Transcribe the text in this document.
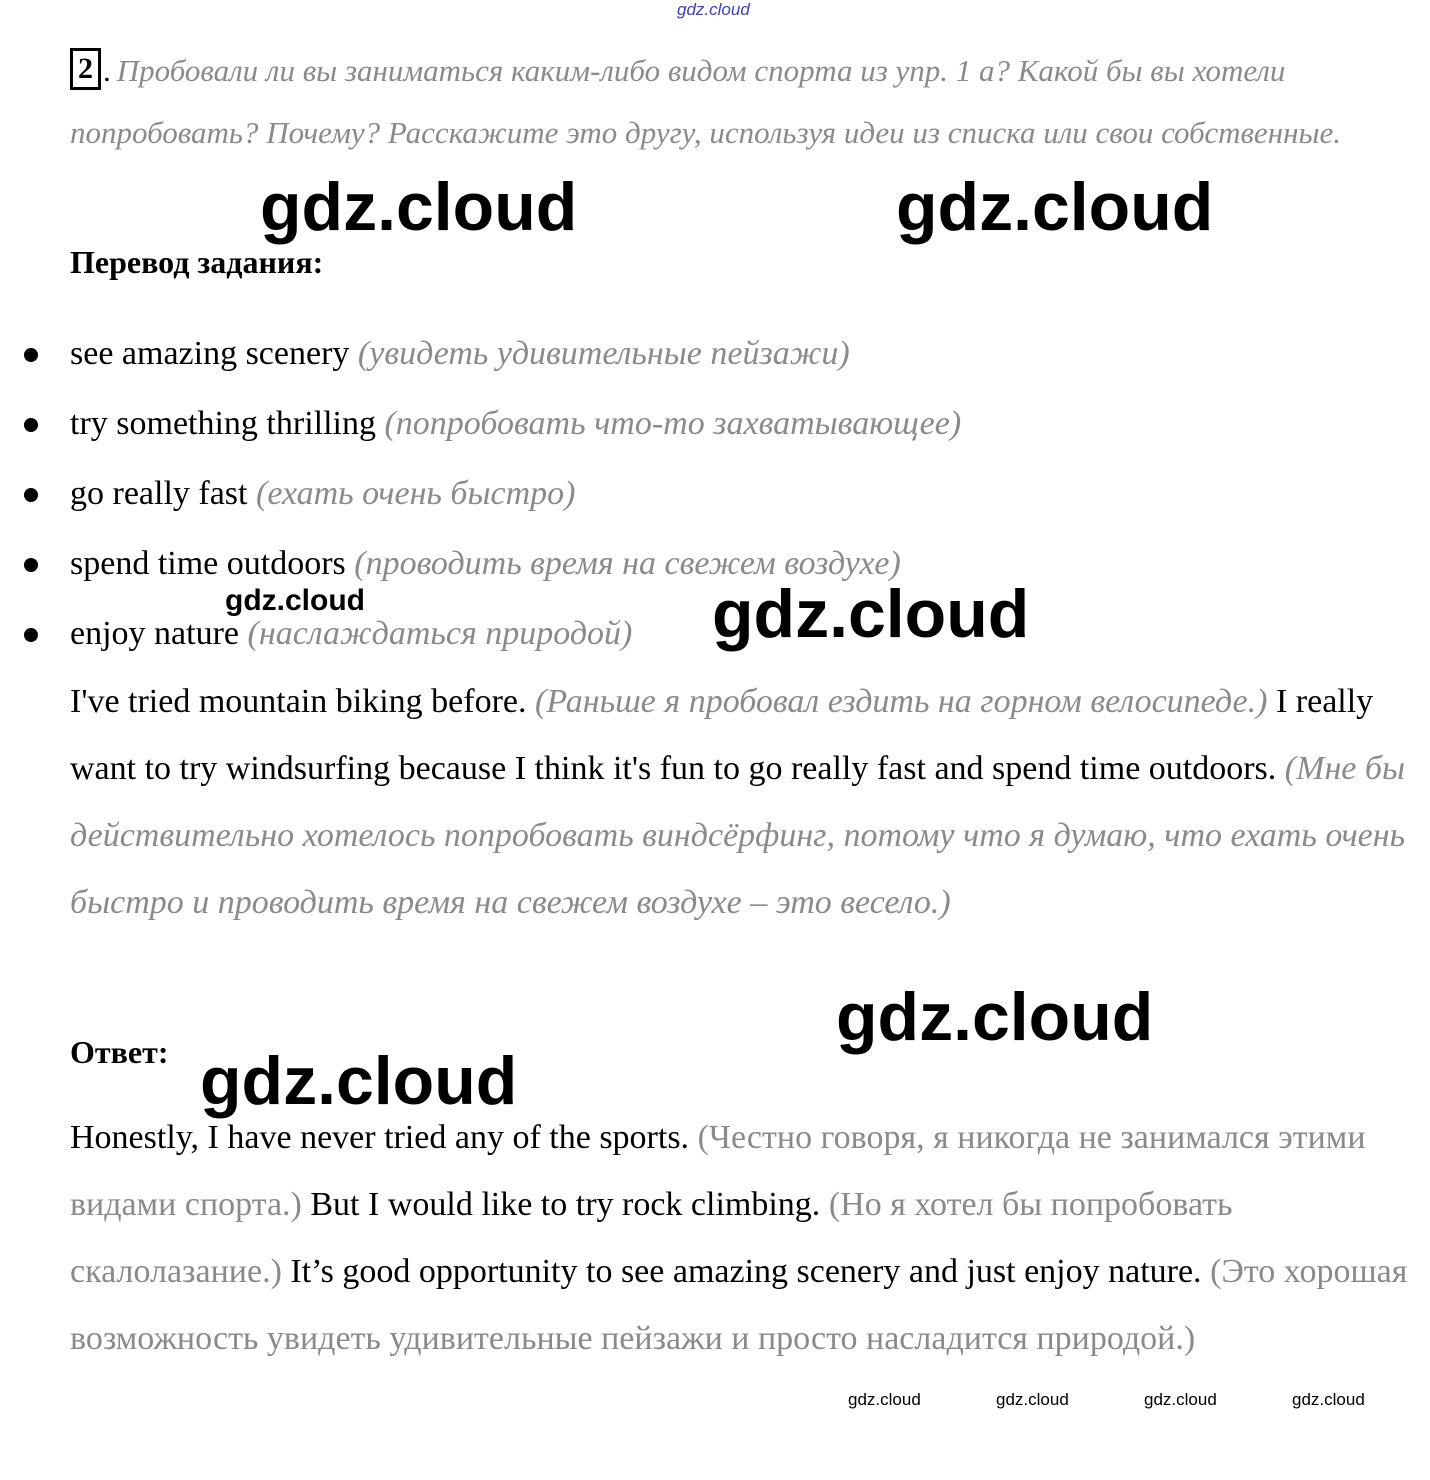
gdz.cloud
2 . Пробовали ли вы заниматься каким-либо видом спорта из упр. 1 а? Какой бы вы хотели попробовать? Почему? Расскажите это другу, используя идеи из списка или свои собственные.
Перевод задания:
see amazing scenery (увидеть удивительные пейзажи)
try something thrilling (попробовать что-то захватывающее)
go really fast (ехать очень быстро)
spend time outdoors (проводить время на свежем воздухе)
enjoy nature (наслаждаться природой)
I've tried mountain biking before. (Раньше я пробовал ездить на горном велосипеде.) I really want to try windsurfing because I think it's fun to go really fast and spend time outdoors. (Мне бы действительно хотелось попробовать виндсёрфинг, потому что я думаю, что ехать очень быстро и проводить время на свежем воздухе – это весело.)
Ответ:
Honestly, I have never tried any of the sports. (Честно говоря, я никогда не занимался этими видами спорта.) But I would like to try rock climbing. (Но я хотел бы попробовать скалолазание.) It’s good opportunity to see amazing scenery and just enjoy nature. (Это хорошая возможность увидеть удивительные пейзажи и просто насладится природой.)
gdz.cloud	gdz.cloud
gdz.cloud	gdz.cloud
gdz.cloud
gdz.cloud
gdz.cloud	gdz.cloud	gdz.cloud	gdz.cloud
